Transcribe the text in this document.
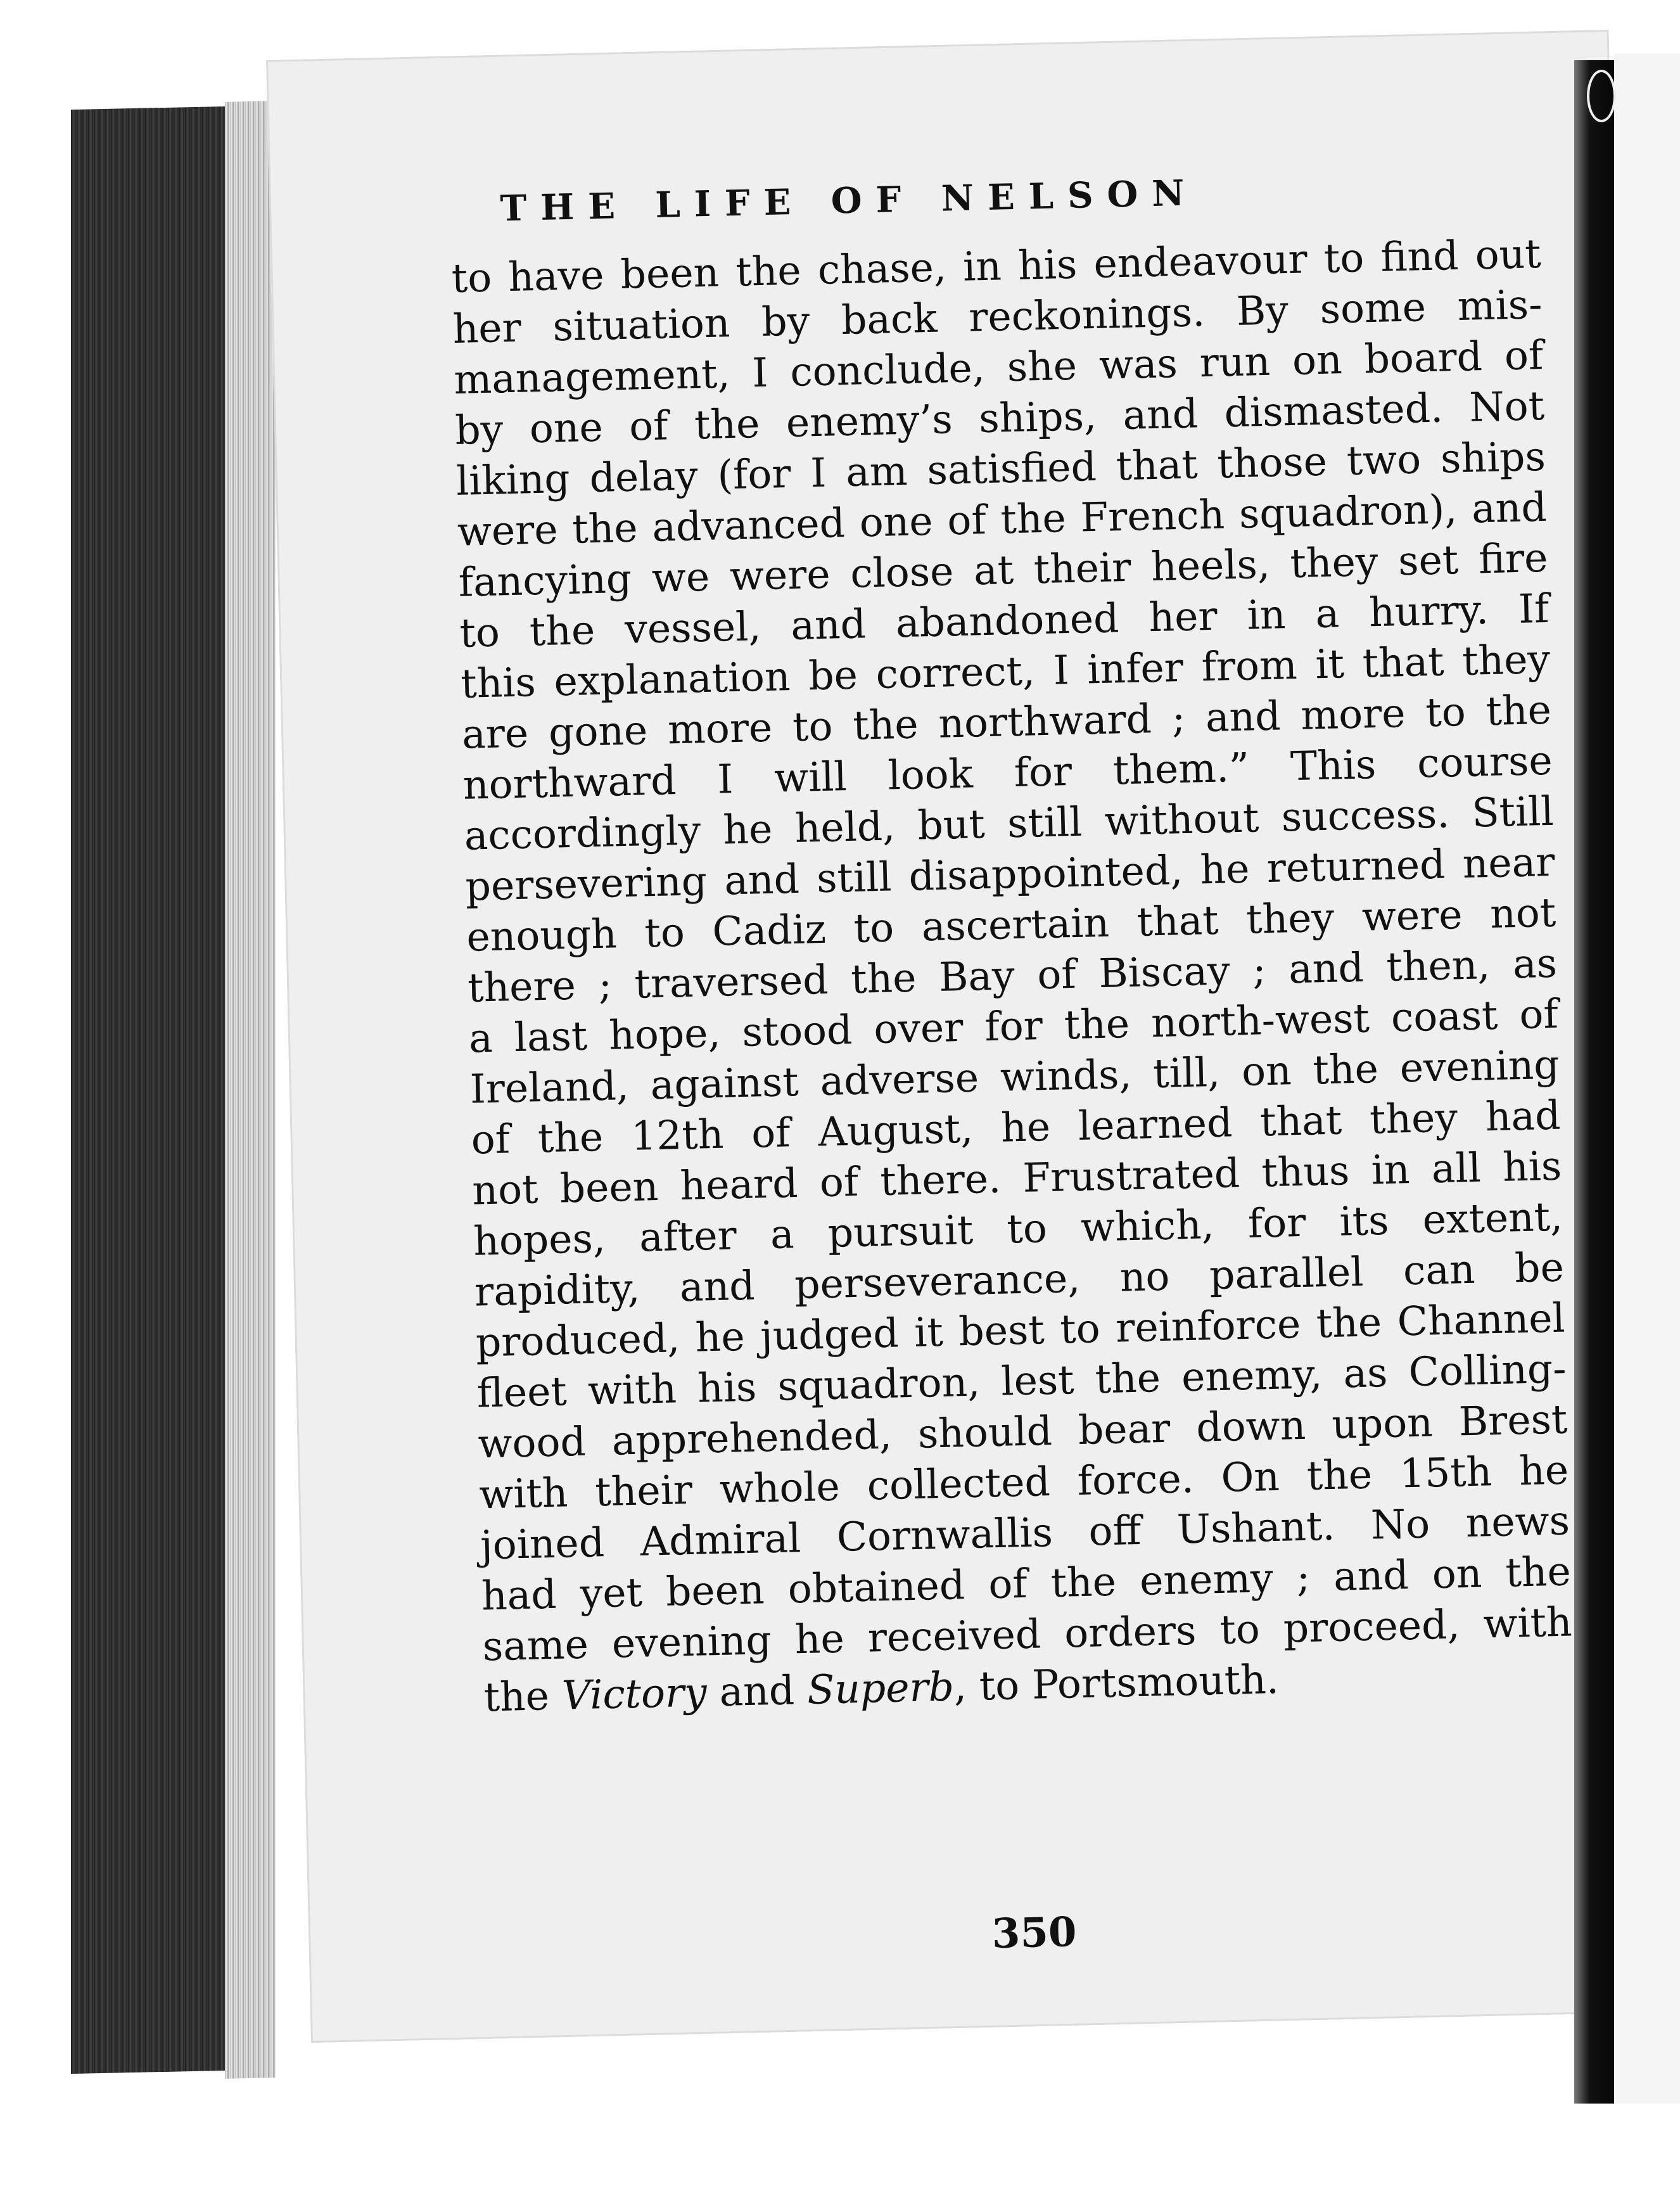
THE LIFE OF NELSON
to have been the chase, in his endeavour to find out
her situation by back reckonings. By some mis-
management, I conclude, she was run on board of
by one of the enemy’s ships, and dismasted. Not
liking delay (for I am satisfied that those two ships
were the advanced one of the French squadron), and
fancying we were close at their heels, they set fire
to the vessel, and abandoned her in a hurry. If
this explanation be correct, I infer from it that they
are gone more to the northward ; and more to the
northward I will look for them.” This course
accordingly he held, but still without success. Still
persevering and still disappointed, he returned near
enough to Cadiz to ascertain that they were not
there ; traversed the Bay of Biscay ; and then, as
a last hope, stood over for the north-west coast of
Ireland, against adverse winds, till, on the evening
of the 12th of August, he learned that they had
not been heard of there. Frustrated thus in all his
hopes, after a pursuit to which, for its extent,
rapidity, and perseverance, no parallel can be
produced, he judged it best to reinforce the Channel
fleet with his squadron, lest the enemy, as Colling-
wood apprehended, should bear down upon Brest
with their whole collected force. On the 15th he
joined Admiral Cornwallis off Ushant. No news
had yet been obtained of the enemy ; and on the
same evening he received orders to proceed, with
the Victory and Superb, to Portsmouth.
350
